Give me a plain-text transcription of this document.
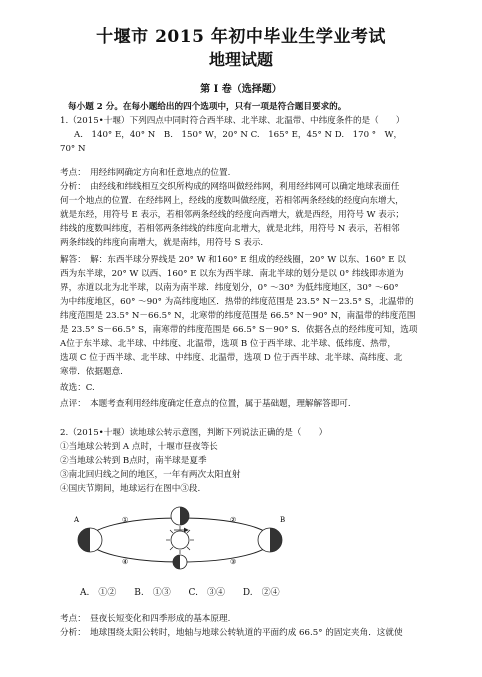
十堰市 2015 年初中毕业生学业考试
地理试题
第 I 卷（选择题）
每小题 2 分。在每小题给出的四个选项中，只有一项是符合题目要求的。
1.（2015•十堰）下列四点中同时符合西半球、北半球、北温带、中纬度条件的是（　　）
A.　140° E，40° N　B.　150° W，20° N C.　165° E，45° N D.　170 °　W，
70° N
考点：　用经纬网确定方向和任意地点的位置.
分析：　由经线和纬线相互交织所构成的网络叫做经纬网，利用经纬网可以确定地球表面任
何一个地点的位置．在经纬网上，经线的度数叫做经度，若相邻两条经线的经度向东增大，
就是东经，用符号 E 表示，若相邻两条经线的经度向西增大，就是西经，用符号 W 表示；
纬线的度数叫纬度，若相邻两条纬线的纬度向北增大，就是北纬，用符号 N 表示，若相邻
两条纬线的纬度向南增大，就是南纬，用符号 S 表示.
解答：　解：东西半球分界线是 20° W 和160° E 组成的经线圈，20° W 以东、160° E 以
西为东半球，20° W 以西、160° E 以东为西半球．南北半球的划分是以 0° 纬线即赤道为
界，赤道以北为北半球，以南为南半球．纬度划分，0° ～30° 为低纬度地区，30° ～60°
为中纬度地区，60° ～90° 为高纬度地区．热带的纬度范围是 23.5° N－23.5° S，北温带的
纬度范围是 23.5° N－66.5° N，北寒带的纬度范围是 66.5° N－90° N，南温带的纬度范围
是 23.5° S－66.5° S，南寒带的纬度范围是 66.5° S－90° S．依据各点的经纬度可知，选项
A位于东半球、北半球、中纬度、北温带，选项 B 位于西半球、北半球、低纬度、热带，
选项 C 位于西半球、北半球、中纬度、北温带，选项 D 位于西半球、北半球、高纬度、北
寒带．依据题意.
故选：C.
点评：　本题考查利用经纬度确定任意点的位置，属于基础题，理解解答即可.
2.（2015•十堰）读地球公转示意图，判断下列说法正确的是（　　）
①当地球公转到 A 点时，十堰市昼夜等长
②当地球公转到 B点时，南半球是夏季
③南北回归线之间的地区，一年有两次太阳直射
④国庆节期间，地球运行在图中③段.
A	B
①	②
③
④
A.　①②　 B.　①③　 C.　③④　 D.　②④
考点：　昼夜长短变化和四季形成的基本原理.
分析：　地球围绕太阳公转时，地轴与地球公转轨道的平面约成 66.5° 的固定夹角．这就使
